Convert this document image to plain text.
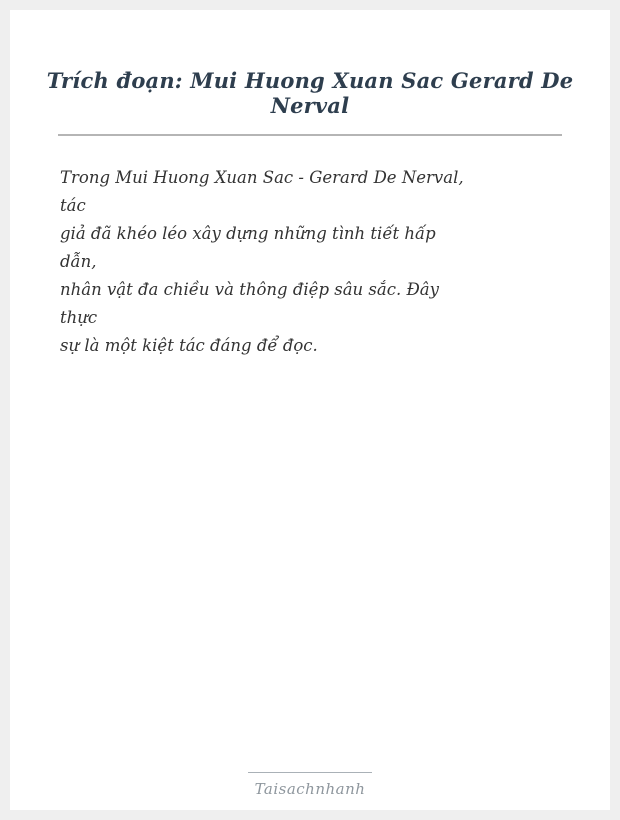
Trích đoạn: Mui Huong Xuan Sac Gerard De Nerval

Trong Mui Huong Xuan Sac - Gerard De Nerval,

tác

giả đã khéo léo xây dựng những tình tiết hấp

dẫn,

nhân vật đa chiều và thông điệp sâu sắc. Đây

thực

sự là một kiệt tác đáng để đọc.

Taisachnhanh
